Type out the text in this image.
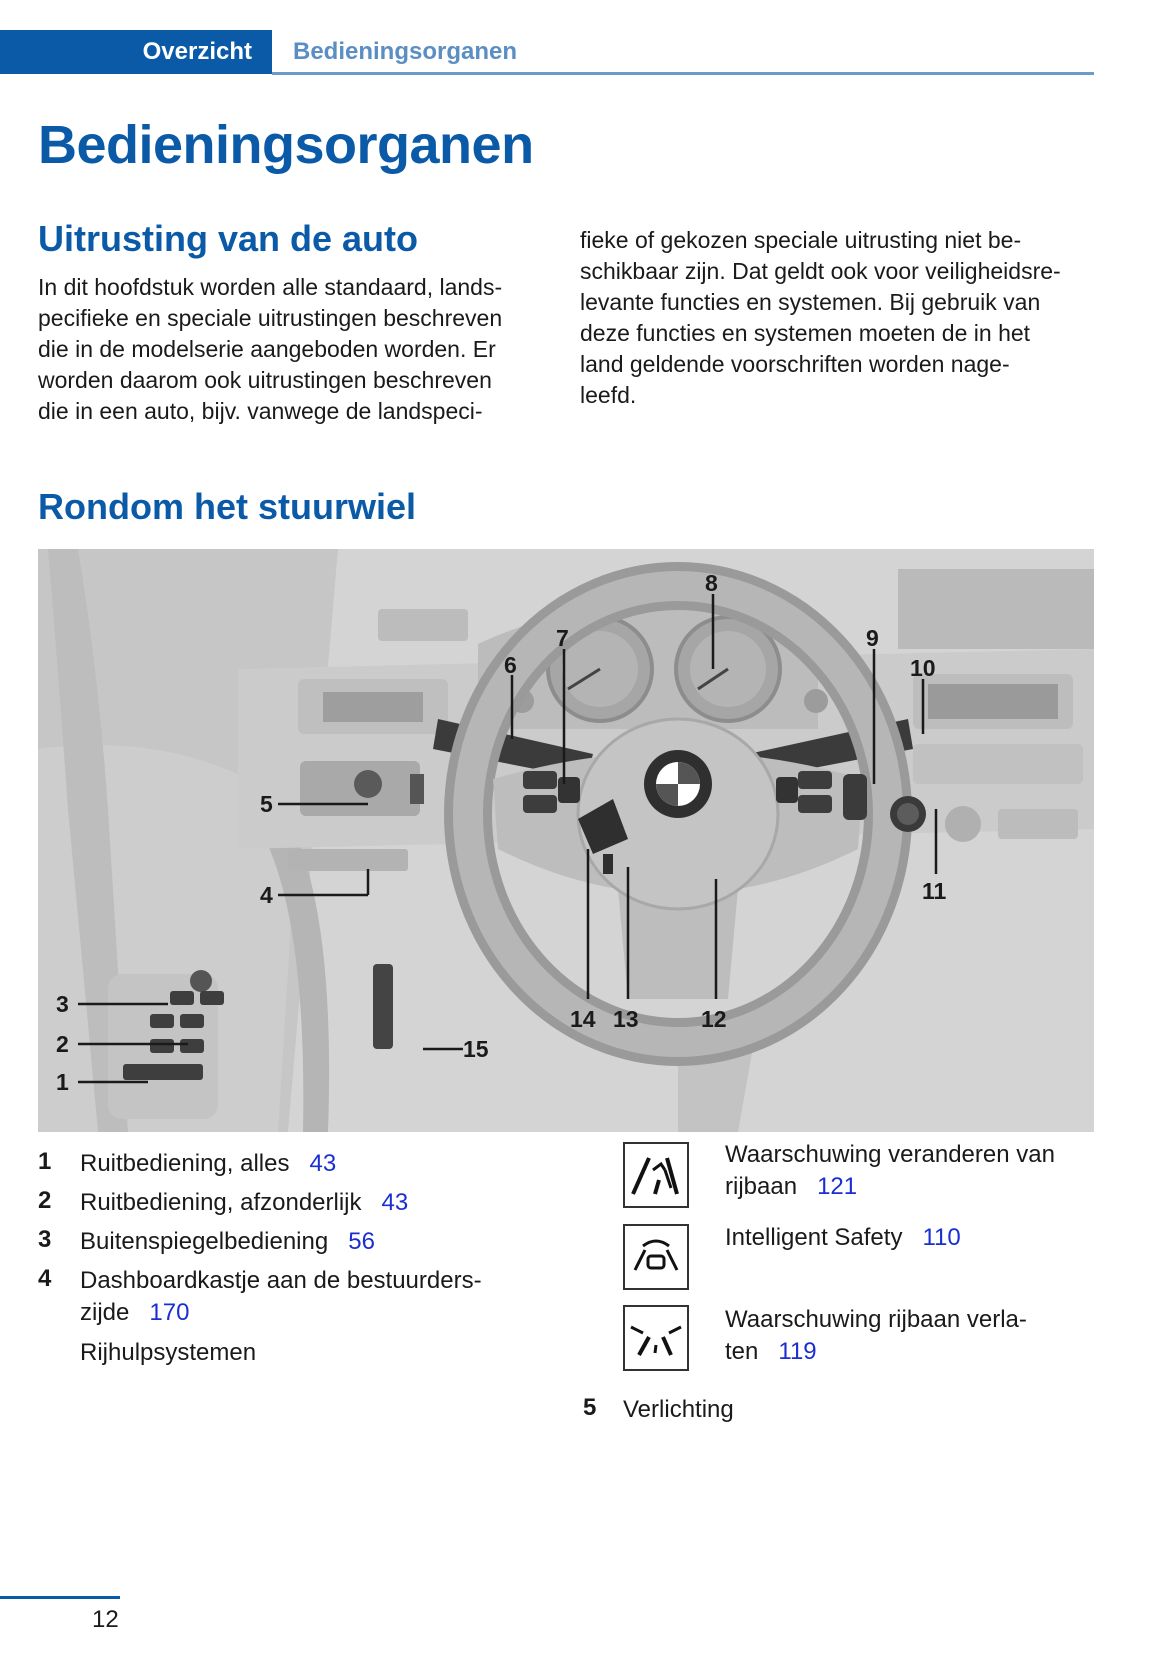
Overzicht	Bedieningsorganen
Bedieningsorganen
Uitrusting van de auto
In dit hoofdstuk worden alle standaard, lands-
pecifieke en speciale uitrustingen beschreven
die in de modelserie aangeboden worden. Er
worden daarom ook uitrustingen beschreven
die in een auto, bijv. vanwege de landspeci-
fieke of gekozen speciale uitrusting niet be-
schikbaar zijn. Dat geldt ook voor veiligheidsre-
levante functies en systemen. Bij gebruik van
deze functies en systemen moeten de in het
land geldende voorschriften worden nage-
leefd.
Rondom het stuurwiel
1
2
3
4
5
6
7
8
9
10
11
12
13
14
15
1 Ruitbediening, alles 43
2 Ruitbediening, afzonderlijk 43
3 Buitenspiegelbediening 56
4 Dashboardkastje aan de bestuurders-
zijde 170
Rijhulpsystemen
Waarschuwing veranderen van
rijbaan 121
Intelligent Safety 110
Waarschuwing rijbaan verla-
ten 119
5 Verlichting
12
